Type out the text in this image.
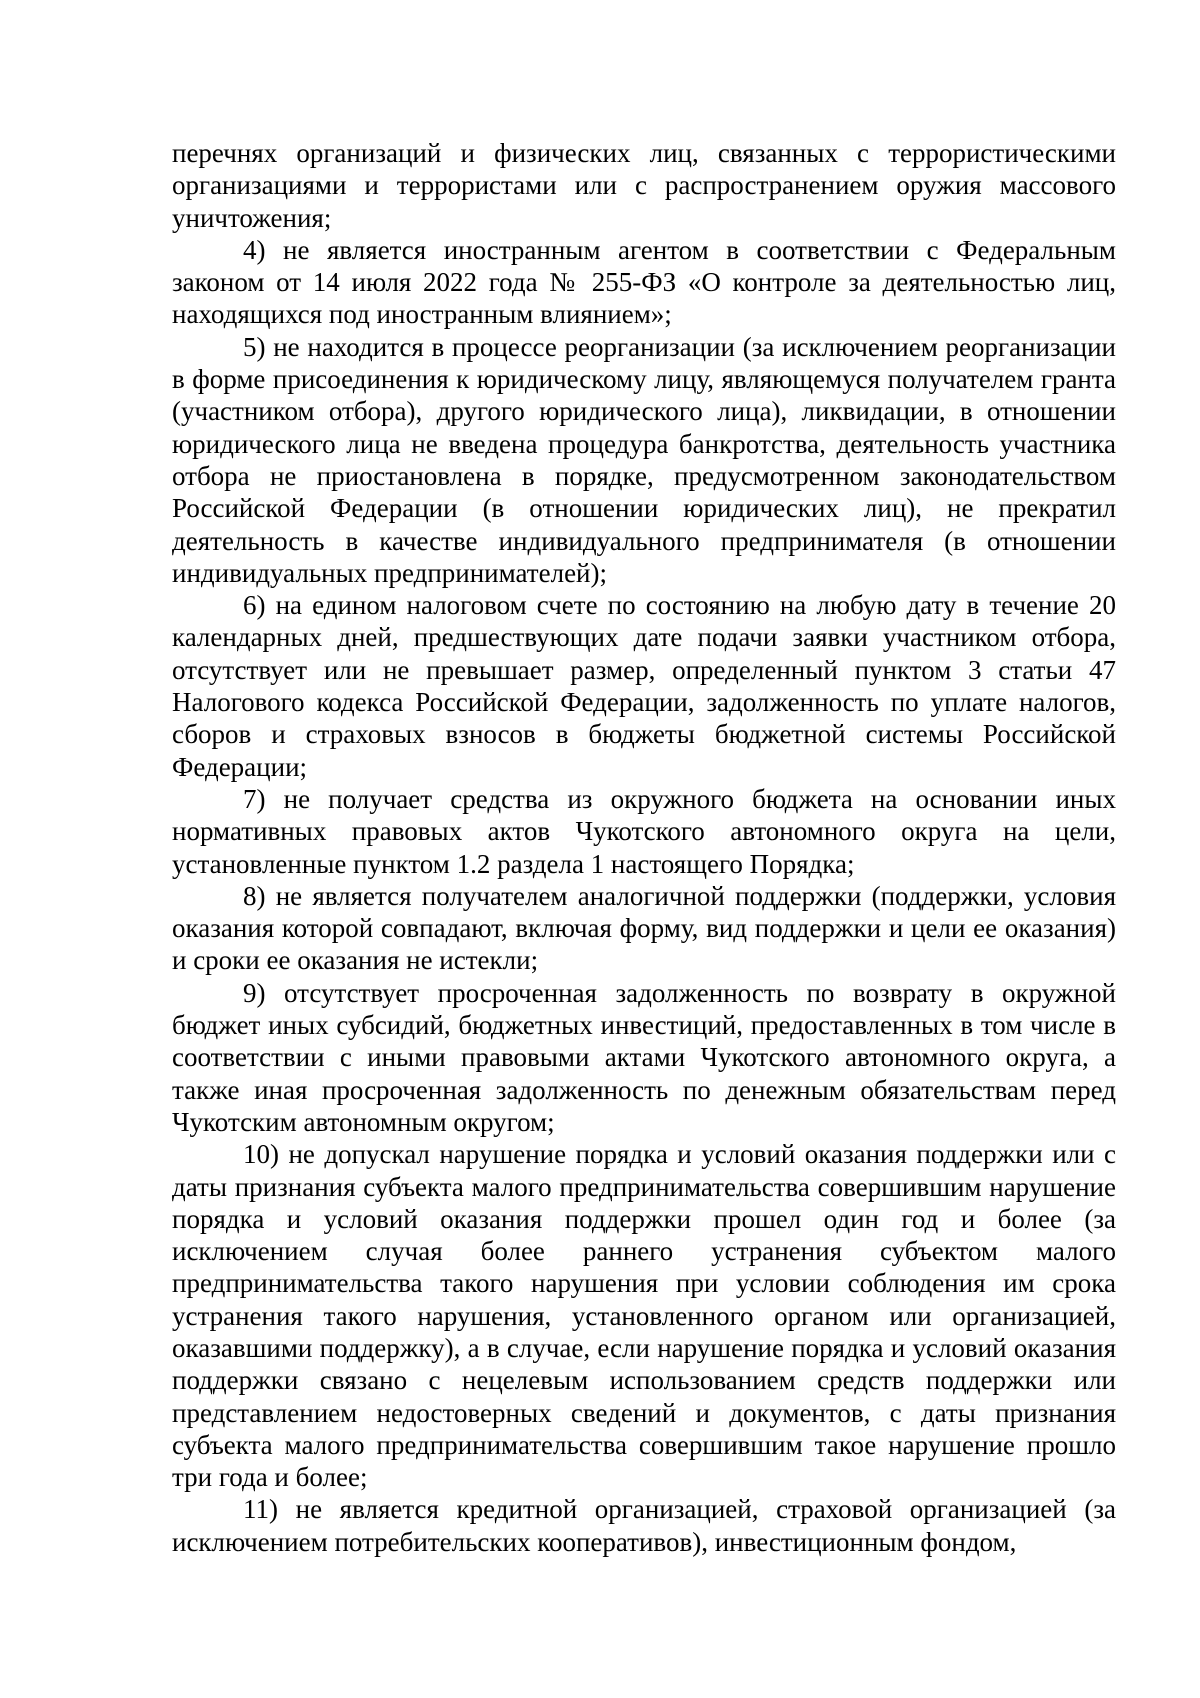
перечнях организаций и физических лиц, связанных с террористическими организациями и террористами или с распространением оружия массового уничтожения;

4) не является иностранным агентом в соответствии с Федеральным законом от 14 июля 2022 года № 255-ФЗ «О контроле за деятельностью лиц, находящихся под иностранным влиянием»;

5) не находится в процессе реорганизации (за исключением реорганизации в форме присоединения к юридическому лицу, являющемуся получателем гранта (участником отбора), другого юридического лица), ликвидации, в отношении юридического лица не введена процедура банкротства, деятельность участника отбора не приостановлена в порядке, предусмотренном законодательством Российской Федерации (в отношении юридических лиц), не прекратил деятельность в качестве индивидуального предпринимателя (в отношении индивидуальных предпринимателей);

6) на едином налоговом счете по состоянию на любую дату в течение 20 календарных дней, предшествующих дате подачи заявки участником отбора, отсутствует или не превышает размер, определенный пунктом 3 статьи 47 Налогового кодекса Российской Федерации, задолженность по уплате налогов, сборов и страховых взносов в бюджеты бюджетной системы Российской Федерации;

7) не получает средства из окружного бюджета на основании иных нормативных правовых актов Чукотского автономного округа на цели, установленные пунктом 1.2 раздела 1 настоящего Порядка;

8) не является получателем аналогичной поддержки (поддержки, условия оказания которой совпадают, включая форму, вид поддержки и цели ее оказания) и сроки ее оказания не истекли;

9) отсутствует просроченная задолженность по возврату в окружной бюджет иных субсидий, бюджетных инвестиций, предоставленных в том числе в соответствии с иными правовыми актами Чукотского автономного округа, а также иная просроченная задолженность по денежным обязательствам перед Чукотским автономным округом;

10) не допускал нарушение порядка и условий оказания поддержки или с даты признания субъекта малого предпринимательства совершившим нарушение порядка и условий оказания поддержки прошел один год и более (за исключением случая более раннего устранения субъектом малого предпринимательства такого нарушения при условии соблюдения им срока устранения такого нарушения, установленного органом или организацией, оказавшими поддержку), а в случае, если нарушение порядка и условий оказания поддержки связано с нецелевым использованием средств поддержки или представлением недостоверных сведений и документов, с даты признания субъекта малого предпринимательства совершившим такое нарушение прошло три года и более;

11) не является кредитной организацией, страховой организацией (за исключением потребительских кооперативов), инвестиционным фондом,
